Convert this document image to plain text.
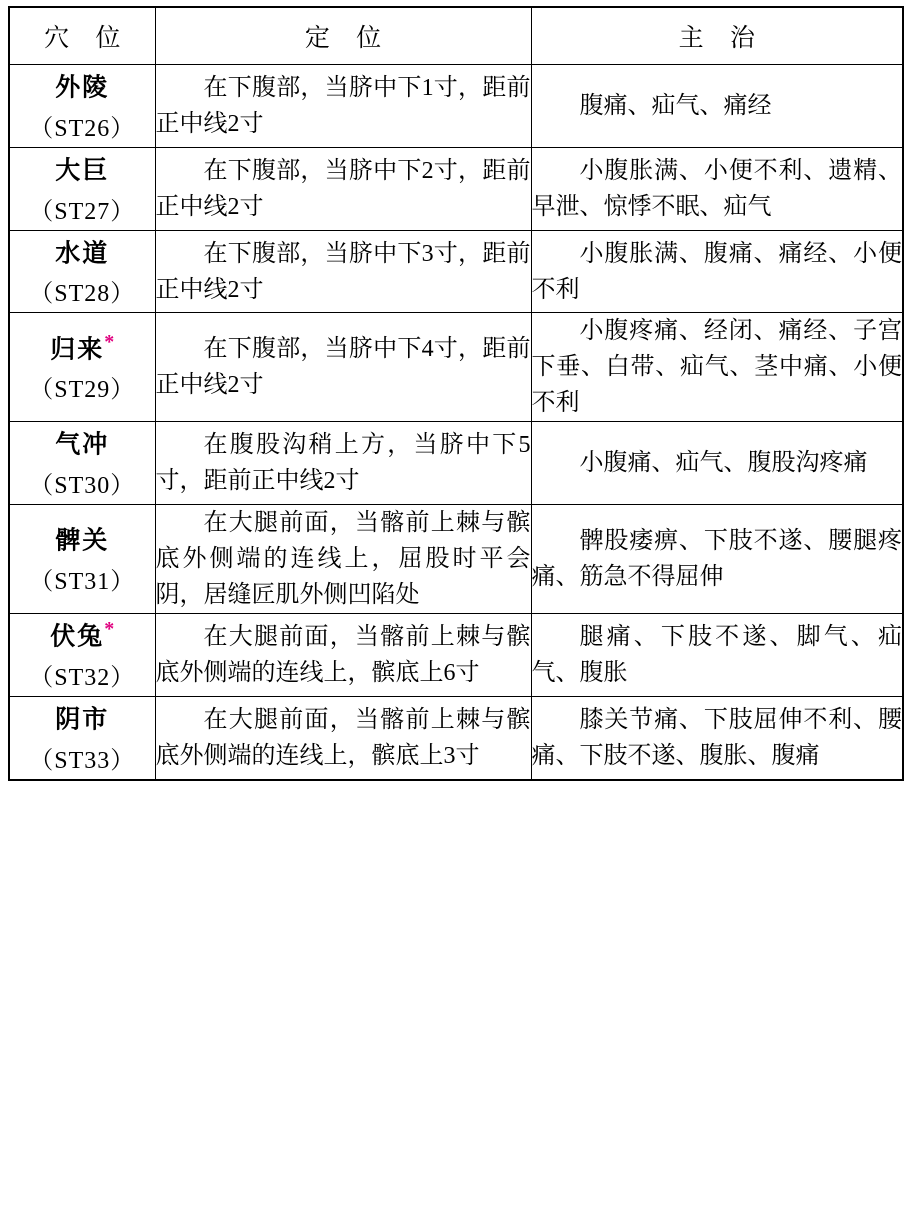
穴 位	定 位	主 治

外陵
（ST26）	在下腹部，当脐中下1寸，距前正中线2寸	腹痛、疝气、痛经

大巨
（ST27）	在下腹部，当脐中下2寸，距前正中线2寸	小腹胀满、小便不利、遗精、早泄、惊悸不眠、疝气

水道
（ST28）	在下腹部，当脐中下3寸，距前正中线2寸	小腹胀满、腹痛、痛经、小便不利

归来*
（ST29）	在下腹部，当脐中下4寸，距前正中线2寸	小腹疼痛、经闭、痛经、子宫下垂、白带、疝气、茎中痛、小便不利

气冲
（ST30）	在腹股沟稍上方，当脐中下5寸，距前正中线2寸	小腹痛、疝气、腹股沟疼痛

髀关
（ST31）	在大腿前面，当髂前上棘与髌底外侧端的连线上，屈股时平会阴，居缝匠肌外侧凹陷处	髀股痿痹、下肢不遂、腰腿疼痛、筋急不得屈伸

伏兔*
（ST32）	在大腿前面，当髂前上棘与髌底外侧端的连线上，髌底上6寸	腿痛、下肢不遂、脚气、疝气、腹胀

阴市
（ST33）	在大腿前面，当髂前上棘与髌底外侧端的连线上，髌底上3寸	膝关节痛、下肢屈伸不利、腰痛、下肢不遂、腹胀、腹痛
